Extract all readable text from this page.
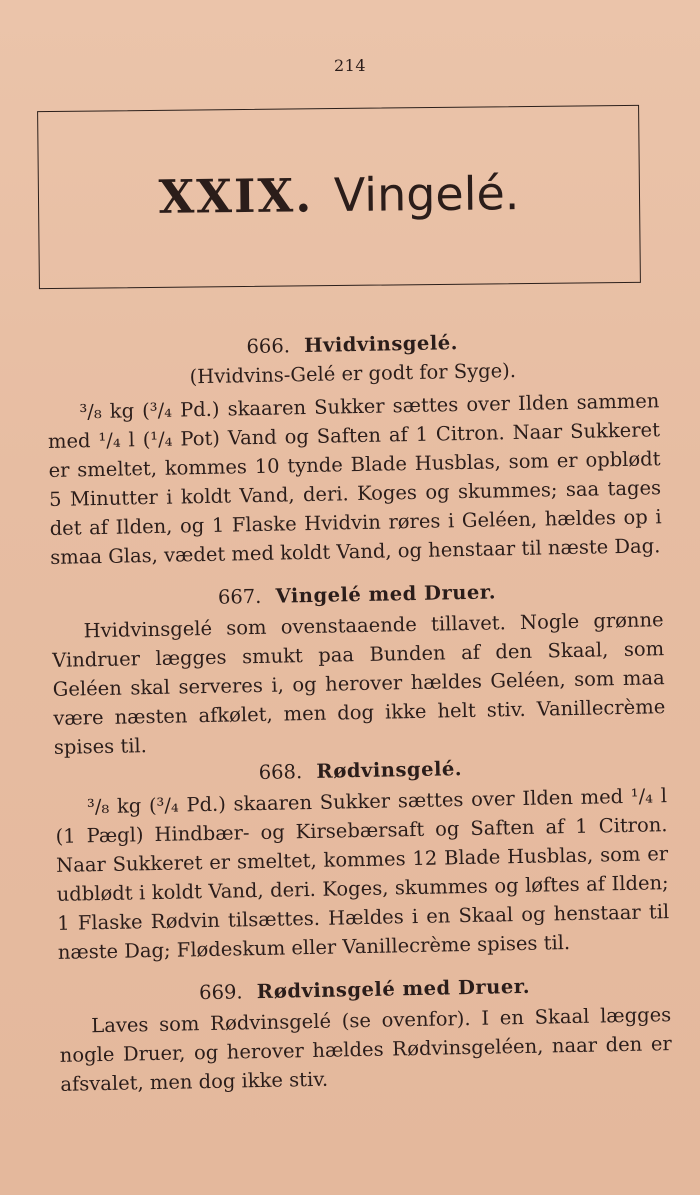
214
XXIX. Vingelé.

666. Hvidvinsgelé.

(Hvidvins-Gelé er godt for Syge).

³/₈ kg (³/₄ Pd.) skaaren Sukker sættes over Ilden sammen med ¹/₄ l (¹/₄ Pot) Vand og Saften af 1 Citron. Naar Sukkeret er smeltet, kommes 10 tynde Blade Husblas, som er opblødt 5 Minutter i koldt Vand, deri. Koges og skummes; saa tages det af Ilden, og 1 Flaske Hvidvin røres i Geléen, hældes op i smaa Glas, vædet med koldt Vand, og henstaar til næste Dag.

667. Vingelé med Druer.

Hvidvinsgelé som ovenstaaende tillavet. Nogle grønne Vindruer lægges smukt paa Bunden af den Skaal, som Geléen skal serveres i, og herover hældes Geléen, som maa være næsten afkølet, men dog ikke helt stiv. Vanillecrème spises til.

668. Rødvinsgelé.

³/₈ kg (³/₄ Pd.) skaaren Sukker sættes over Ilden med ¹/₄ l (1 Pægl) Hindbær- og Kirsebærsaft og Saften af 1 Citron. Naar Sukkeret er smeltet, kommes 12 Blade Husblas, som er udblødt i koldt Vand, deri. Koges, skummes og løftes af Ilden; 1 Flaske Rødvin tilsættes. Hældes i en Skaal og henstaar til næste Dag; Flødeskum eller Vanillecrème spises til.

669. Rødvinsgelé med Druer.

Laves som Rødvinsgelé (se ovenfor). I en Skaal lægges nogle Druer, og herover hældes Rødvinsgeléen, naar den er afsvalet, men dog ikke stiv.
